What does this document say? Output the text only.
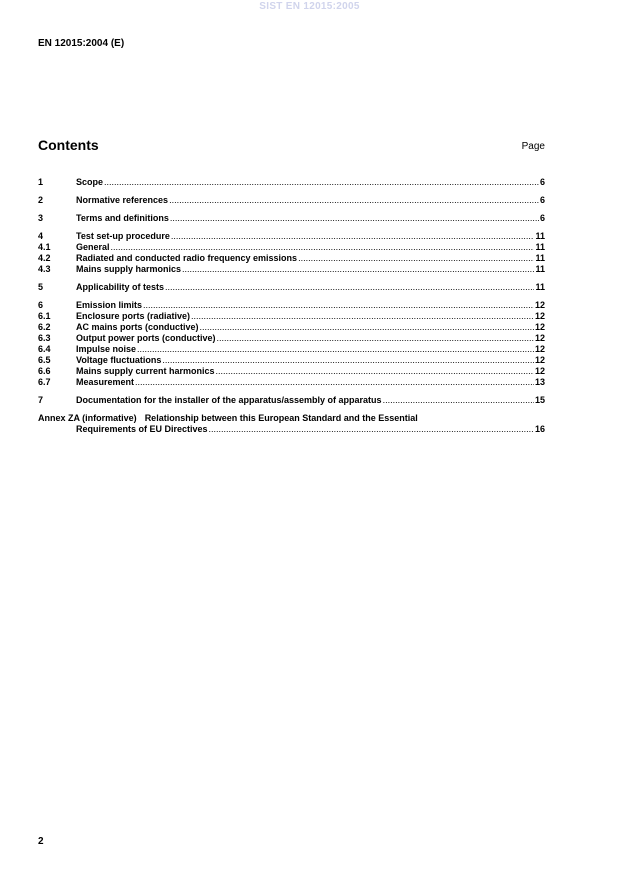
SIST EN 12015:2005
EN 12015:2004 (E)
Contents	Page
1	Scope .....	6
2	Normative references .....	6
3	Terms and definitions .....	6
4	Test set-up procedure .....	11
4.1	General .....	11
4.2	Radiated and conducted radio frequency emissions .....	11
4.3	Mains supply harmonics .....	11
5	Applicability of tests .....	11
6	Emission limits .....	12
6.1	Enclosure ports (radiative) .....	12
6.2	AC mains ports (conductive) .....	12
6.3	Output power ports (conductive) .....	12
6.4	Impulse noise .....	12
6.5	Voltage fluctuations .....	12
6.6	Mains supply current harmonics .....	12
6.7	Measurement .....	13
7	Documentation for the installer of the apparatus/assembly of apparatus .....	15
Annex ZA (informative) Relationship between this European Standard and the Essential
Requirements of EU Directives .....	16
2
